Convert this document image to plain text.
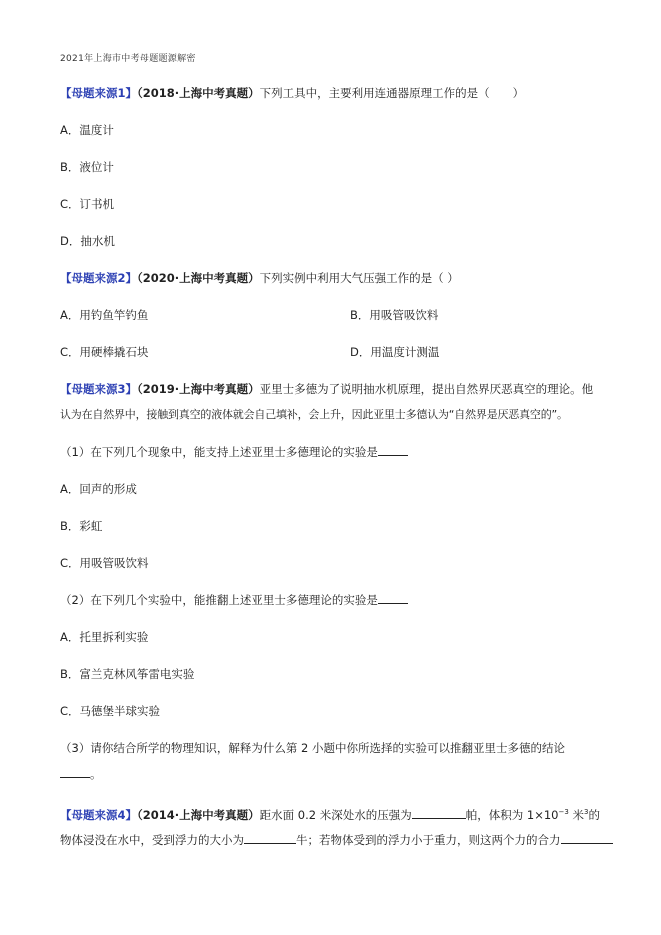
2021年上海市中考母题题源解密
【母题来源1】（2018·上海中考真题）下列工具中，主要利用连通器原理工作的是（　　）
A．温度计
B．液位计
C．订书机
D．抽水机
【母题来源2】（2020·上海中考真题）下列实例中利用大气压强工作的是（ ）
A．用钓鱼竿钓鱼	B．用吸管吸饮料
C．用硬棒撬石块	D．用温度计测温
【母题来源3】（2019·上海中考真题）亚里士多德为了说明抽水机原理，提出自然界厌恶真空的理论。他
认为在自然界中，接触到真空的液体就会自己填补，会上升，因此亚里士多德认为“自然界是厌恶真空的”。
（1）在下列几个现象中，能支持上述亚里士多德理论的实验是
A．回声的形成
B．彩虹
C．用吸管吸饮料
（2）在下列几个实验中，能推翻上述亚里士多德理论的实验是
A．托里拆利实验
B．富兰克林风筝雷电实验
C．马德堡半球实验
（3）请你结合所学的物理知识，解释为什么第 2 小题中你所选择的实验可以推翻亚里士多德的结论
。
【母题来源4】（2014·上海中考真题）距水面 0.2 米深处水的压强为	帕，体积为 $1\times 10^{-3}$ 米$^3$的
物体浸没在水中，受到浮力的大小为	牛；若物体受到的浮力小于重力，则这两个力的合力
